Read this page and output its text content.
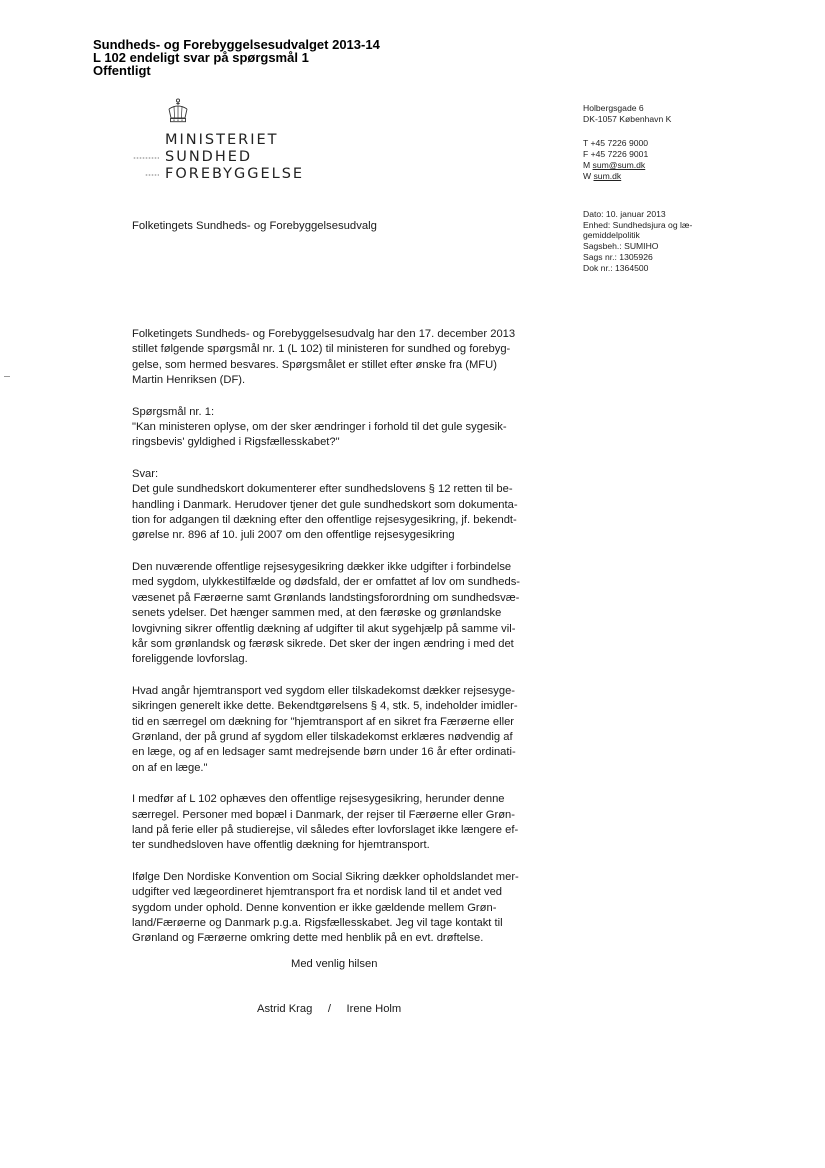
Sundheds- og Forebyggelsesudvalget 2013-14
L 102 endeligt svar på spørgsmål 1
Offentligt
MINISTERIET
SUNDHED
FOREBYGGELSE
Holbergsgade 6
DK-1057 København K
T +45 7226 9000
F +45 7226 9001
M sum@sum.dk
W sum.dk
Dato: 10. januar 2013
Enhed: Sundhedsjura og læ-
gemiddelpolitik
Sagsbeh.: SUMIHO
Sags nr.: 1305926
Dok nr.: 1364500
Folketingets Sundheds- og Forebyggelsesudvalg

Folketingets Sundheds- og Forebyggelsesudvalg har den 17. december 2013
stillet følgende spørgsmål nr. 1 (L 102) til ministeren for sundhed og forebyg-
gelse, som hermed besvares. Spørgsmålet er stillet efter ønske fra (MFU)
Martin Henriksen (DF).

Spørgsmål nr. 1:
"Kan ministeren oplyse, om der sker ændringer i forhold til det gule sygesik-
ringsbevis' gyldighed i Rigsfællesskabet?"

Svar:
Det gule sundhedskort dokumenterer efter sundhedslovens § 12 retten til be-
handling i Danmark. Herudover tjener det gule sundhedskort som dokumenta-
tion for adgangen til dækning efter den offentlige rejsesygesikring, jf. bekendt-
gørelse nr. 896 af 10. juli 2007 om den offentlige rejsesygesikring

Den nuværende offentlige rejsesygesikring dækker ikke udgifter i forbindelse
med sygdom, ulykkestilfælde og dødsfald, der er omfattet af lov om sundheds-
væsenet på Færøerne samt Grønlands landstingsforordning om sundhedsvæ-
senets ydelser. Det hænger sammen med, at den færøske og grønlandske
lovgivning sikrer offentlig dækning af udgifter til akut sygehjælp på samme vil-
kår som grønlandsk og færøsk sikrede. Det sker der ingen ændring i med det
foreliggende lovforslag.

Hvad angår hjemtransport ved sygdom eller tilskadekomst dækker rejsesyge-
sikringen generelt ikke dette. Bekendtgørelsens § 4, stk. 5, indeholder imidler-
tid en særregel om dækning for "hjemtransport af en sikret fra Færøerne eller
Grønland, der på grund af sygdom eller tilskadekomst erklæres nødvendig af
en læge, og af en ledsager samt medrejsende børn under 16 år efter ordinati-
on af en læge."

I medfør af L 102 ophæves den offentlige rejsesygesikring, herunder denne
særregel. Personer med bopæl i Danmark, der rejser til Færøerne eller Grøn-
land på ferie eller på studierejse, vil således efter lovforslaget ikke længere ef-
ter sundhedsloven have offentlig dækning for hjemtransport.

Ifølge Den Nordiske Konvention om Social Sikring dækker opholdslandet mer-
udgifter ved lægeordineret hjemtransport fra et nordisk land til et andet ved
sygdom under ophold. Denne konvention er ikke gældende mellem Grøn-
land/Færøerne og Danmark p.g.a. Rigsfællesskabet. Jeg vil tage kontakt til
Grønland og Færøerne omkring dette med henblik på en evt. drøftelse.

Med venlig hilsen
Astrid Krag     /     Irene Holm
